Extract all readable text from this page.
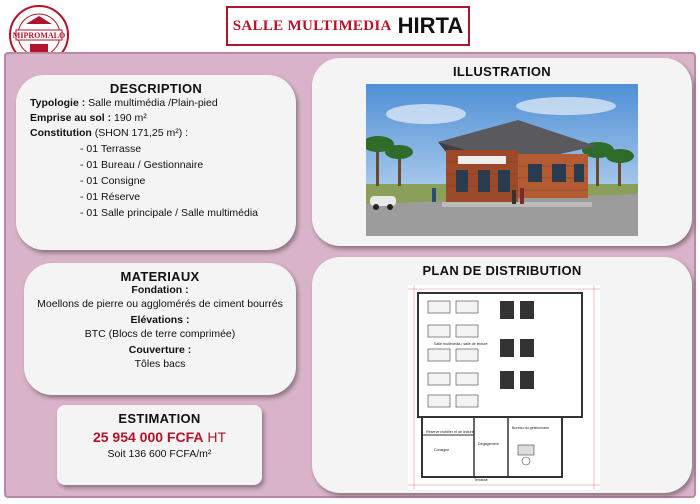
MIPROMALO
SALLE MULTIMEDIA HIRTA
DESCRIPTION

Typologie : Salle multimédia /Plain-pied

Emprise au sol : 190 m²

Constitution (SHON 171,25 m²) :

- 01 Terrasse
- 01 Bureau / Gestionnaire
- 01 Consigne
- 01 Réserve
- 01 Salle principale / Salle multimédia
MATERIAUX
Fondation :
Moellons de pierre ou agglomérés de ciment bourrés
Elévations :
BTC (Blocs de terre comprimée)
Couverture :
Tôles bacs
ESTIMATION
25 954 000 FCFA HT
Soit 136 600 FCFA/m²
ILLUSTRATION
PLAN DE DISTRIBUTION
Salle multimédia / salle de lecture
Réserve mobilier et de lecture
Bureau du gestionnaire
Consigne
Dégagement
Terrasse
